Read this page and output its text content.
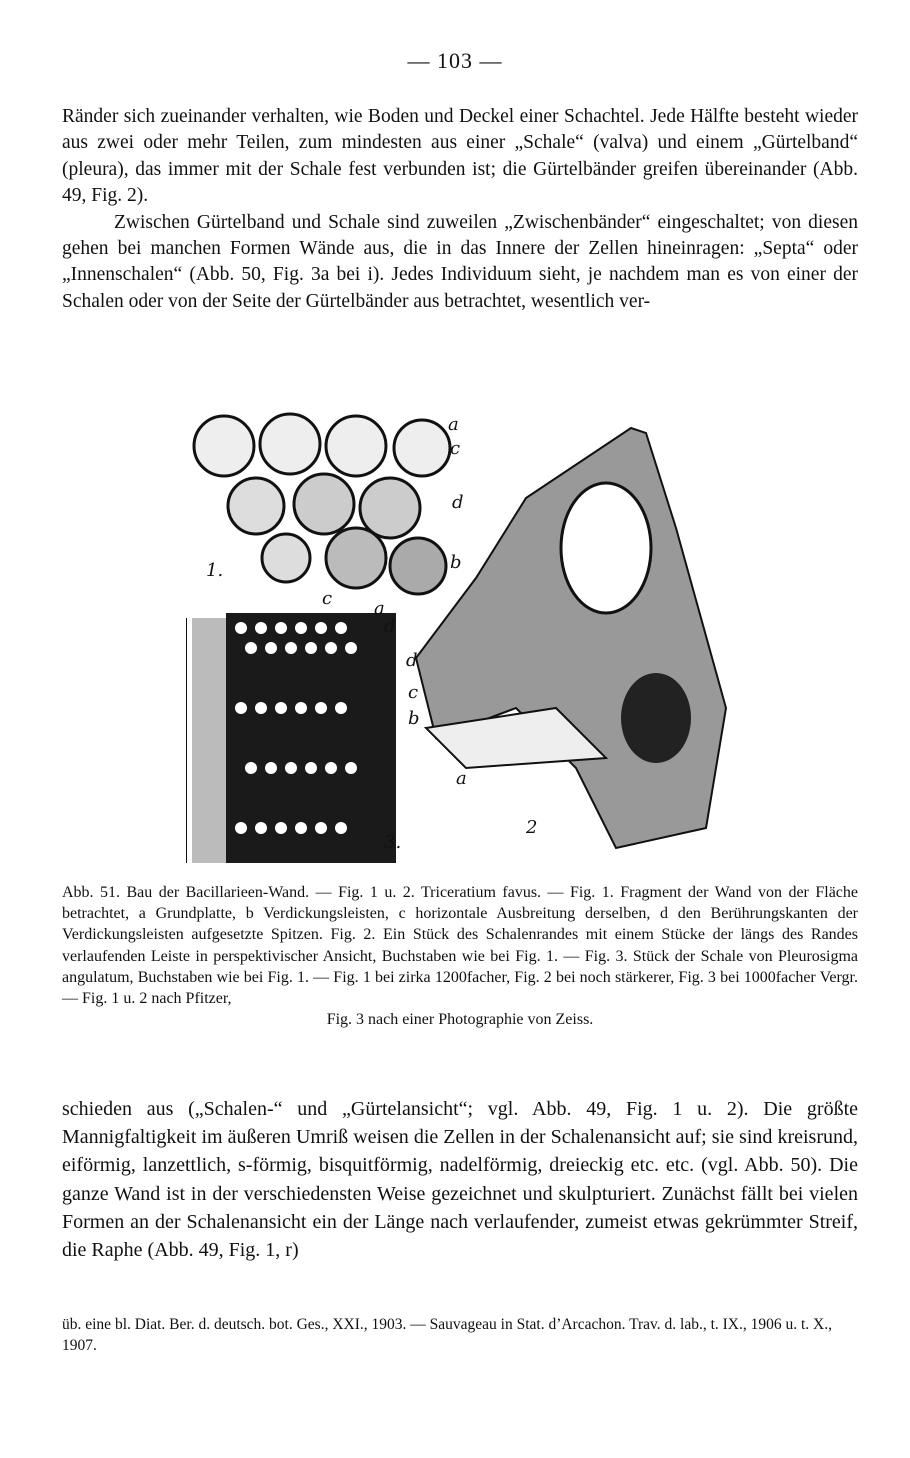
— 103 —

Ränder sich zueinander verhalten, wie Boden und Deckel einer Schachtel. Jede Hälfte besteht wieder aus zwei oder mehr Teilen, zum mindesten aus einer „Schale“ (valva) und einem „Gürtelband“ (pleura), das immer mit der Schale fest verbunden ist; die Gürtelbänder greifen übereinander (Abb. 49, Fig. 2).

Zwischen Gürtelband und Schale sind zuweilen „Zwischenbänder“ eingeschaltet; von diesen gehen bei manchen Formen Wände aus, die in das Innere der Zellen hineinragen: „Septa“ oder „Innenschalen“ (Abb. 50, Fig. 3a bei i). Jedes Individuum sieht, je nachdem man es von einer der Schalen oder von der Seite der Gürtelbänder aus betrachtet, wesentlich ver-

1.
a
c
d
b
3.
c a
d
2
d
c
b
a
Abb. 51. Bau der Bacillarieen-Wand. — Fig. 1 u. 2. Triceratium favus. — Fig. 1. Fragment der Wand von der Fläche betrachtet, a Grundplatte, b Verdickungsleisten, c horizontale Ausbreitung derselben, d den Berührungskanten der Verdickungsleisten aufgesetzte Spitzen. Fig. 2. Ein Stück des Schalenrandes mit einem Stücke der längs des Randes verlaufenden Leiste in perspektivischer Ansicht, Buchstaben wie bei Fig. 1. — Fig. 3. Stück der Schale von Pleurosigma angulatum, Buchstaben wie bei Fig. 1. — Fig. 1 bei zirka 1200facher, Fig. 2 bei noch stärkerer, Fig. 3 bei 1000facher Vergr. — Fig. 1 u. 2 nach Pfitzer,
Fig. 3 nach einer Photographie von Zeiss.

schieden aus („Schalen-“ und „Gürtelansicht“; vgl. Abb. 49, Fig. 1 u. 2). Die größte Mannigfaltigkeit im äußeren Umriß weisen die Zellen in der Schalenansicht auf; sie sind kreisrund, eiförmig, lanzettlich, s-förmig, bisquitförmig, nadelförmig, dreieckig etc. etc. (vgl. Abb. 50). Die ganze Wand ist in der verschiedensten Weise gezeichnet und skulpturiert. Zunächst fällt bei vielen Formen an der Schalenansicht ein der Länge nach verlaufender, zumeist etwas gekrümmter Streif, die Raphe (Abb. 49, Fig. 1, r)

üb. eine bl. Diat. Ber. d. deutsch. bot. Ges., XXI., 1903. — Sauvageau in Stat. d’Arcachon. Trav. d. lab., t. IX., 1906 u. t. X., 1907.
